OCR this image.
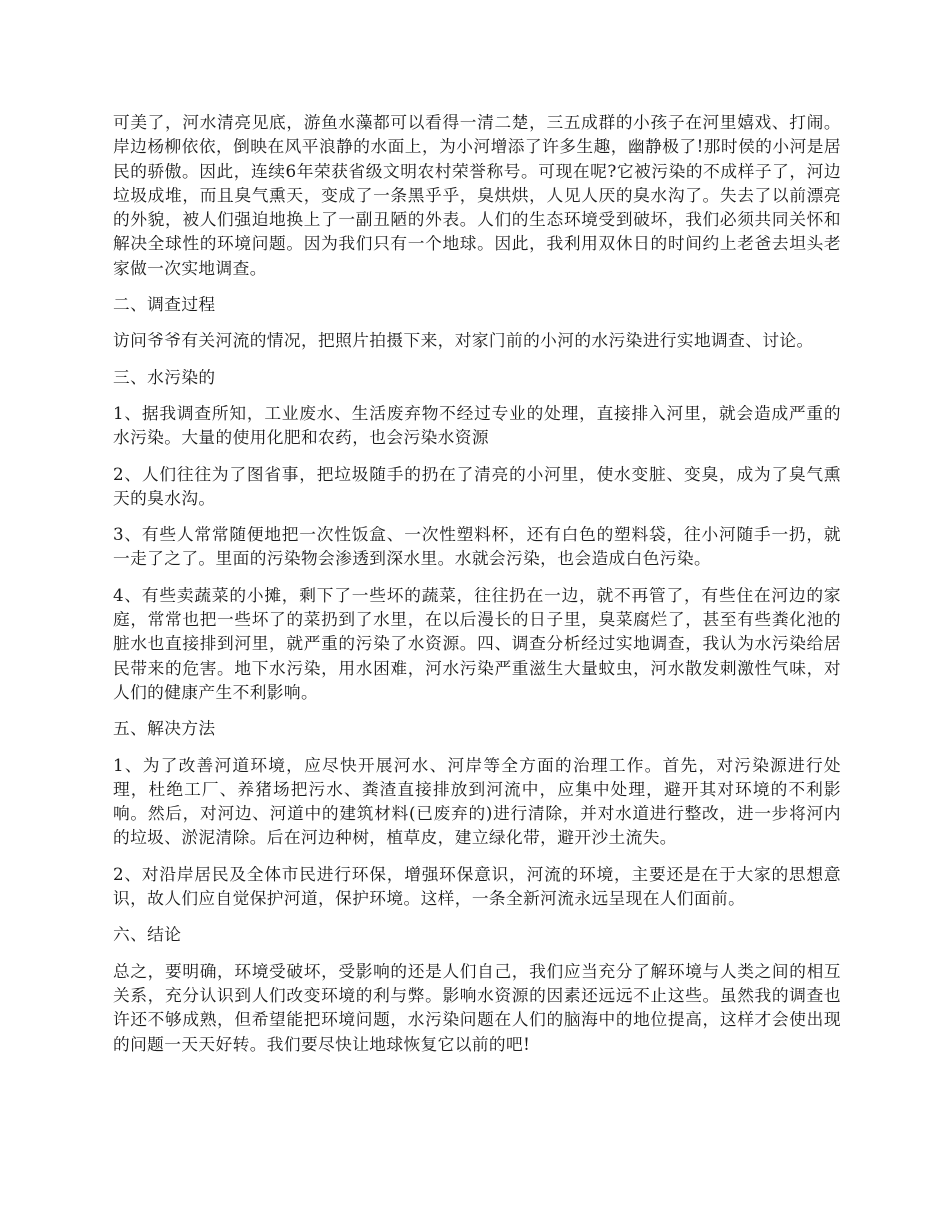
可美了，河水清亮见底，游鱼水藻都可以看得一清二楚，三五成群的小孩子在河里嬉戏、打闹。岸边杨柳依依，倒映在风平浪静的水面上，为小河增添了许多生趣，幽静极了!那时侯的小河是居民的骄傲。因此，连续6年荣获省级文明农村荣誉称号。可现在呢?它被污染的不成样子了，河边垃圾成堆，而且臭气熏天，变成了一条黑乎乎，臭烘烘，人见人厌的臭水沟了。失去了以前漂亮的外貌，被人们强迫地换上了一副丑陋的外表。人们的生态环境受到破坏，我们必须共同关怀和解决全球性的环境问题。因为我们只有一个地球。因此，我利用双休日的时间约上老爸去坦头老家做一次实地调查。

二、调查过程

访问爷爷有关河流的情况，把照片拍摄下来，对家门前的小河的水污染进行实地调查、讨论。

三、水污染的

1、据我调查所知，工业废水、生活废弃物不经过专业的处理，直接排入河里，就会造成严重的水污染。大量的使用化肥和农药，也会污染水资源

2、人们往往为了图省事，把垃圾随手的扔在了清亮的小河里，使水变脏、变臭，成为了臭气熏天的臭水沟。

3、有些人常常随便地把一次性饭盒、一次性塑料杯，还有白色的塑料袋，往小河随手一扔，就一走了之了。里面的污染物会渗透到深水里。水就会污染，也会造成白色污染。

4、有些卖蔬菜的小摊，剩下了一些坏的蔬菜，往往扔在一边，就不再管了，有些住在河边的家庭，常常也把一些坏了的菜扔到了水里，在以后漫长的日子里，臭菜腐烂了，甚至有些粪化池的脏水也直接排到河里，就严重的污染了水资源。四、调查分析经过实地调查，我认为水污染给居民带来的危害。地下水污染，用水困难，河水污染严重滋生大量蚊虫，河水散发刺激性气味，对人们的健康产生不利影响。

五、解决方法

1、为了改善河道环境，应尽快开展河水、河岸等全方面的治理工作。首先，对污染源进行处理，杜绝工厂、养猪场把污水、粪渣直接排放到河流中，应集中处理，避开其对环境的不利影响。然后，对河边、河道中的建筑材料(已废弃的)进行清除，并对水道进行整改，进一步将河内的垃圾、淤泥清除。后在河边种树，植草皮，建立绿化带，避开沙土流失。

2、对沿岸居民及全体市民进行环保，增强环保意识，河流的环境，主要还是在于大家的思想意识，故人们应自觉保护河道，保护环境。这样，一条全新河流永远呈现在人们面前。

六、结论

总之，要明确，环境受破坏，受影响的还是人们自己，我们应当充分了解环境与人类之间的相互关系，充分认识到人们改变环境的利与弊。影响水资源的因素还远远不止这些。虽然我的调查也许还不够成熟，但希望能把环境问题，水污染问题在人们的脑海中的地位提高，这样才会使出现的问题一天天好转。我们要尽快让地球恢复它以前的吧!
